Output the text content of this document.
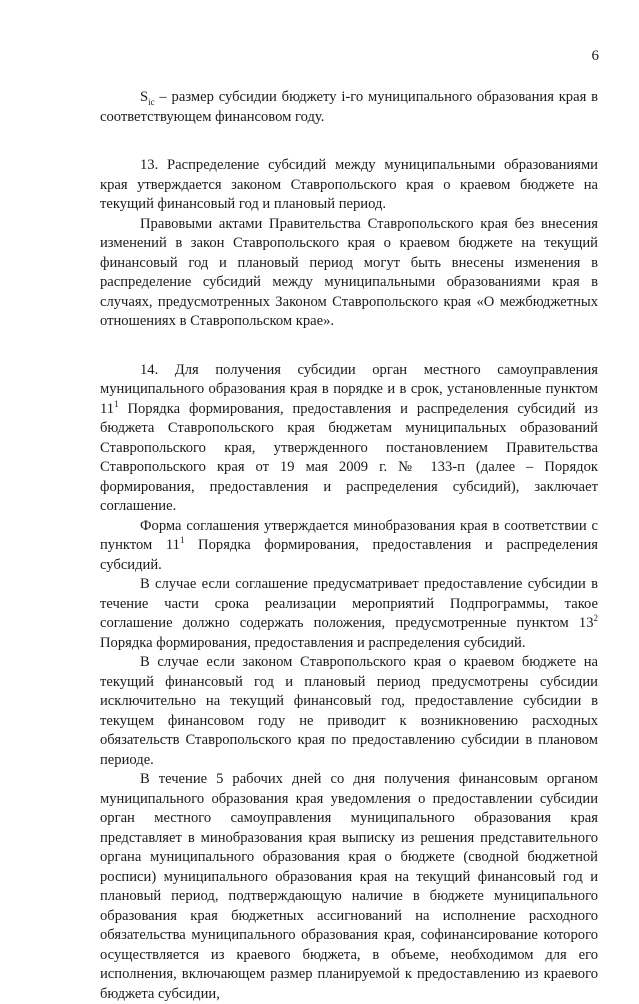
6

$S_{ic}$ – размер субсидии бюджету i-го муниципального образования края в соответствующем финансовом году.

13. Распределение субсидий между муниципальными образованиями края утверждается законом Ставропольского края о краевом бюджете на текущий финансовый год и плановый период.

Правовыми актами Правительства Ставропольского края без внесения изменений в закон Ставропольского края о краевом бюджете на текущий финансовый год и плановый период могут быть внесены изменения в распределение субсидий между муниципальными образованиями края в случаях, предусмотренных Законом Ставропольского края «О межбюджетных отношениях в Ставропольском крае».

14. Для получения субсидии орган местного самоуправления муниципального образования края в порядке и в срок, установленные пунктом $11^1$ Порядка формирования, предоставления и распределения субсидий из бюджета Ставропольского края бюджетам муниципальных образований Ставропольского края, утвержденного постановлением Правительства Ставропольского края от 19 мая 2009 г. № 133-п (далее – Порядок формирования, предоставления и распределения субсидий), заключает соглашение.

Форма соглашения утверждается минобразования края в соответствии с пунктом $11^1$ Порядка формирования, предоставления и распределения субсидий.

В случае если соглашение предусматривает предоставление субсидии в течение части срока реализации мероприятий Подпрограммы, такое соглашение должно содержать положения, предусмотренные пунктом $13^2$ Порядка формирования, предоставления и распределения субсидий.

В случае если законом Ставропольского края о краевом бюджете на текущий финансовый год и плановый период предусмотрены субсидии исключительно на текущий финансовый год, предоставление субсидии в текущем финансовом году не приводит к возникновению расходных обязательств Ставропольского края по предоставлению субсидии в плановом периоде.

В течение 5 рабочих дней со дня получения финансовым органом муниципального образования края уведомления о предоставлении субсидии орган местного самоуправления муниципального образования края представляет в минобразования края выписку из решения представительного органа муниципального образования края о бюджете (сводной бюджетной росписи) муниципального образования края на текущий финансовый год и плановый период, подтверждающую наличие в бюджете муниципального образования края бюджетных ассигнований на исполнение расходного обязательства муниципального образования края, софинансирование которого осуществляется из краевого бюджета, в объеме, необходимом для его исполнения, включающем размер планируемой к предоставлению из краевого бюджета субсидии,
